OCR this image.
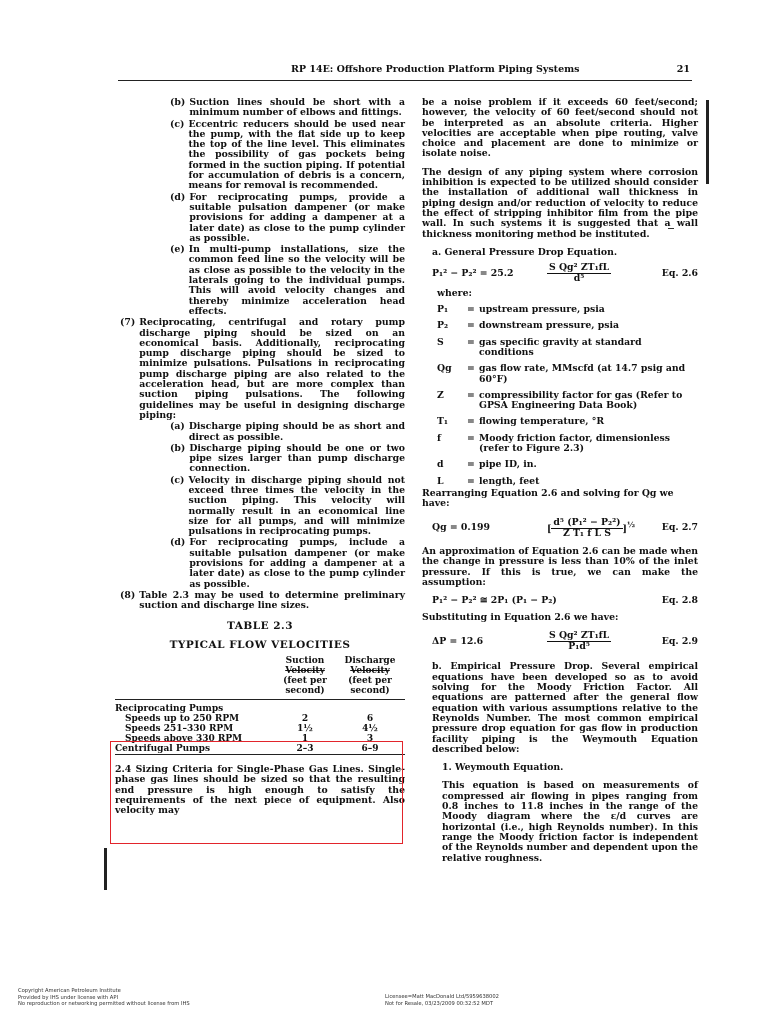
RP 14E: Offshore Production Platform Piping Systems	21
(b) Suction lines should be short with a minimum number of elbows and fittings.
(c) Eccentric reducers should be used near the pump, with the flat side up to keep the top of the line level. This eliminates the possibility of gas pockets being formed in the suction piping. If potential for accumulation of debris is a concern, means for removal is recommended.
(d) For reciprocating pumps, provide a suitable pulsation dampener (or make provisions for adding a dampener at a later date) as close to the pump cylinder as possible.
(e) In multi-pump installations, size the common feed line so the velocity will be as close as possible to the velocity in the laterals going to the individual pumps. This will avoid velocity changes and thereby minimize acceleration head effects.
(7) Reciprocating, centrifugal and rotary pump discharge piping should be sized on an economical basis. Additionally, reciprocating pump discharge piping should be sized to minimize pulsations. Pulsations in reciprocating pump discharge piping are also related to the acceleration head, but are more complex than suction piping pulsations. The following guidelines may be useful in designing discharge piping:
(a) Discharge piping should be as short and direct as possible.
(b) Discharge piping should be one or two pipe sizes larger than pump discharge connection.
(c) Velocity in discharge piping should not exceed three times the velocity in the suction piping. This velocity will normally result in an economical line size for all pumps, and will minimize pulsations in reciprocating pumps.
(d) For reciprocating pumps, include a suitable pulsation dampener (or make provisions for adding a dampener at a later date) as close to the pump cylinder as possible.
(8) Table 2.3 may be used to determine preliminary suction and discharge line sizes.
TABLE 2.3
TYPICAL FLOW VELOCITIES
	Suction	Discharge
	Velocity	Velocity
	(feet per	(feet per
	second)	second)
Reciprocating Pumps		
Speeds up to 250 RPM	2	6
Speeds 251–330 RPM	1½	4½
Speeds above 330 RPM	1	3
Centrifugal Pumps	2–3	6–9
2.4 Sizing Criteria for Single-Phase Gas Lines. Single-phase gas lines should be sized so that the resulting end pressure is high enough to satisfy the requirements of the next piece of equipment. Also velocity may
be a noise problem if it exceeds 60 feet/second; however, the velocity of 60 feet/second should not be interpreted as an absolute criteria. Higher velocities are acceptable when pipe routing, valve choice and placement are done to minimize or isolate noise.
The design of any piping system where corrosion inhibition is expected to be utilized should consider the installation of additional wall thickness in piping design and/or reduction of velocity to reduce the effect of stripping inhibitor film from the pipe wall. In such systems it is suggested that a wall thickness monitoring method be instituted.
a. General Pressure Drop Equation.
P₁² − P₂² = 25.2	$\frac{\text{S Qg² ZT₁fL}}{\text{d⁵}}$	Eq. 2.6
where:
P₁	= upstream pressure, psia
P₂	= downstream pressure, psia
S	= gas specific gravity at standard conditions
Qg	= gas flow rate, MMscfd (at 14.7 psig and 60°F)
Z	= compressibility factor for gas (Refer to GPSA Engineering Data Book)
T₁	= flowing temperature, °R
f	= Moody friction factor, dimensionless (refer to Figure 2.3)
d	= pipe ID, in.
L	= length, feet
Rearranging Equation 2.6 and solving for Qg we have:
Qg = 0.199	[ $\frac{\text{d⁵ (P₁² − P₂²)}}{\text{Z T₁ f L S}} ]^{\frac{1}{2}}$	Eq. 2.7
An approximation of Equation 2.6 can be made when the change in pressure is less than 10% of the inlet pressure. If this is true, we can make the assumption:
P₁² − P₂² ≅ 2P₁ (P₁ − P₂)	Eq. 2.8
Substituting in Equation 2.6 we have:
ΔP = 12.6	$\frac{\text{S Qg² ZT₁fL}}{\text{P₁d⁵}}$	Eq. 2.9
b. Empirical Pressure Drop. Several empirical equations have been developed so as to avoid solving for the Moody Friction Factor. All equations are patterned after the general flow equation with various assumptions relative to the Reynolds Number. The most common empirical pressure drop equation for gas flow in production facility piping is the Weymouth Equation described below:
1. Weymouth Equation.
This equation is based on measurements of compressed air flowing in pipes ranging from 0.8 inches to 11.8 inches in the range of the Moody diagram where the ε/d curves are horizontal (i.e., high Reynolds number). In this range the Moody friction factor is independent of the Reynolds number and dependent upon the relative roughness.
Copyright American Petroleum Institute
Provided by IHS under license with API
No reproduction or networking permitted without license from IHS
Licensee=Matt MacDonald Ltd/5959638002
Not for Resale, 03/23/2009 00:32:52 MDT
